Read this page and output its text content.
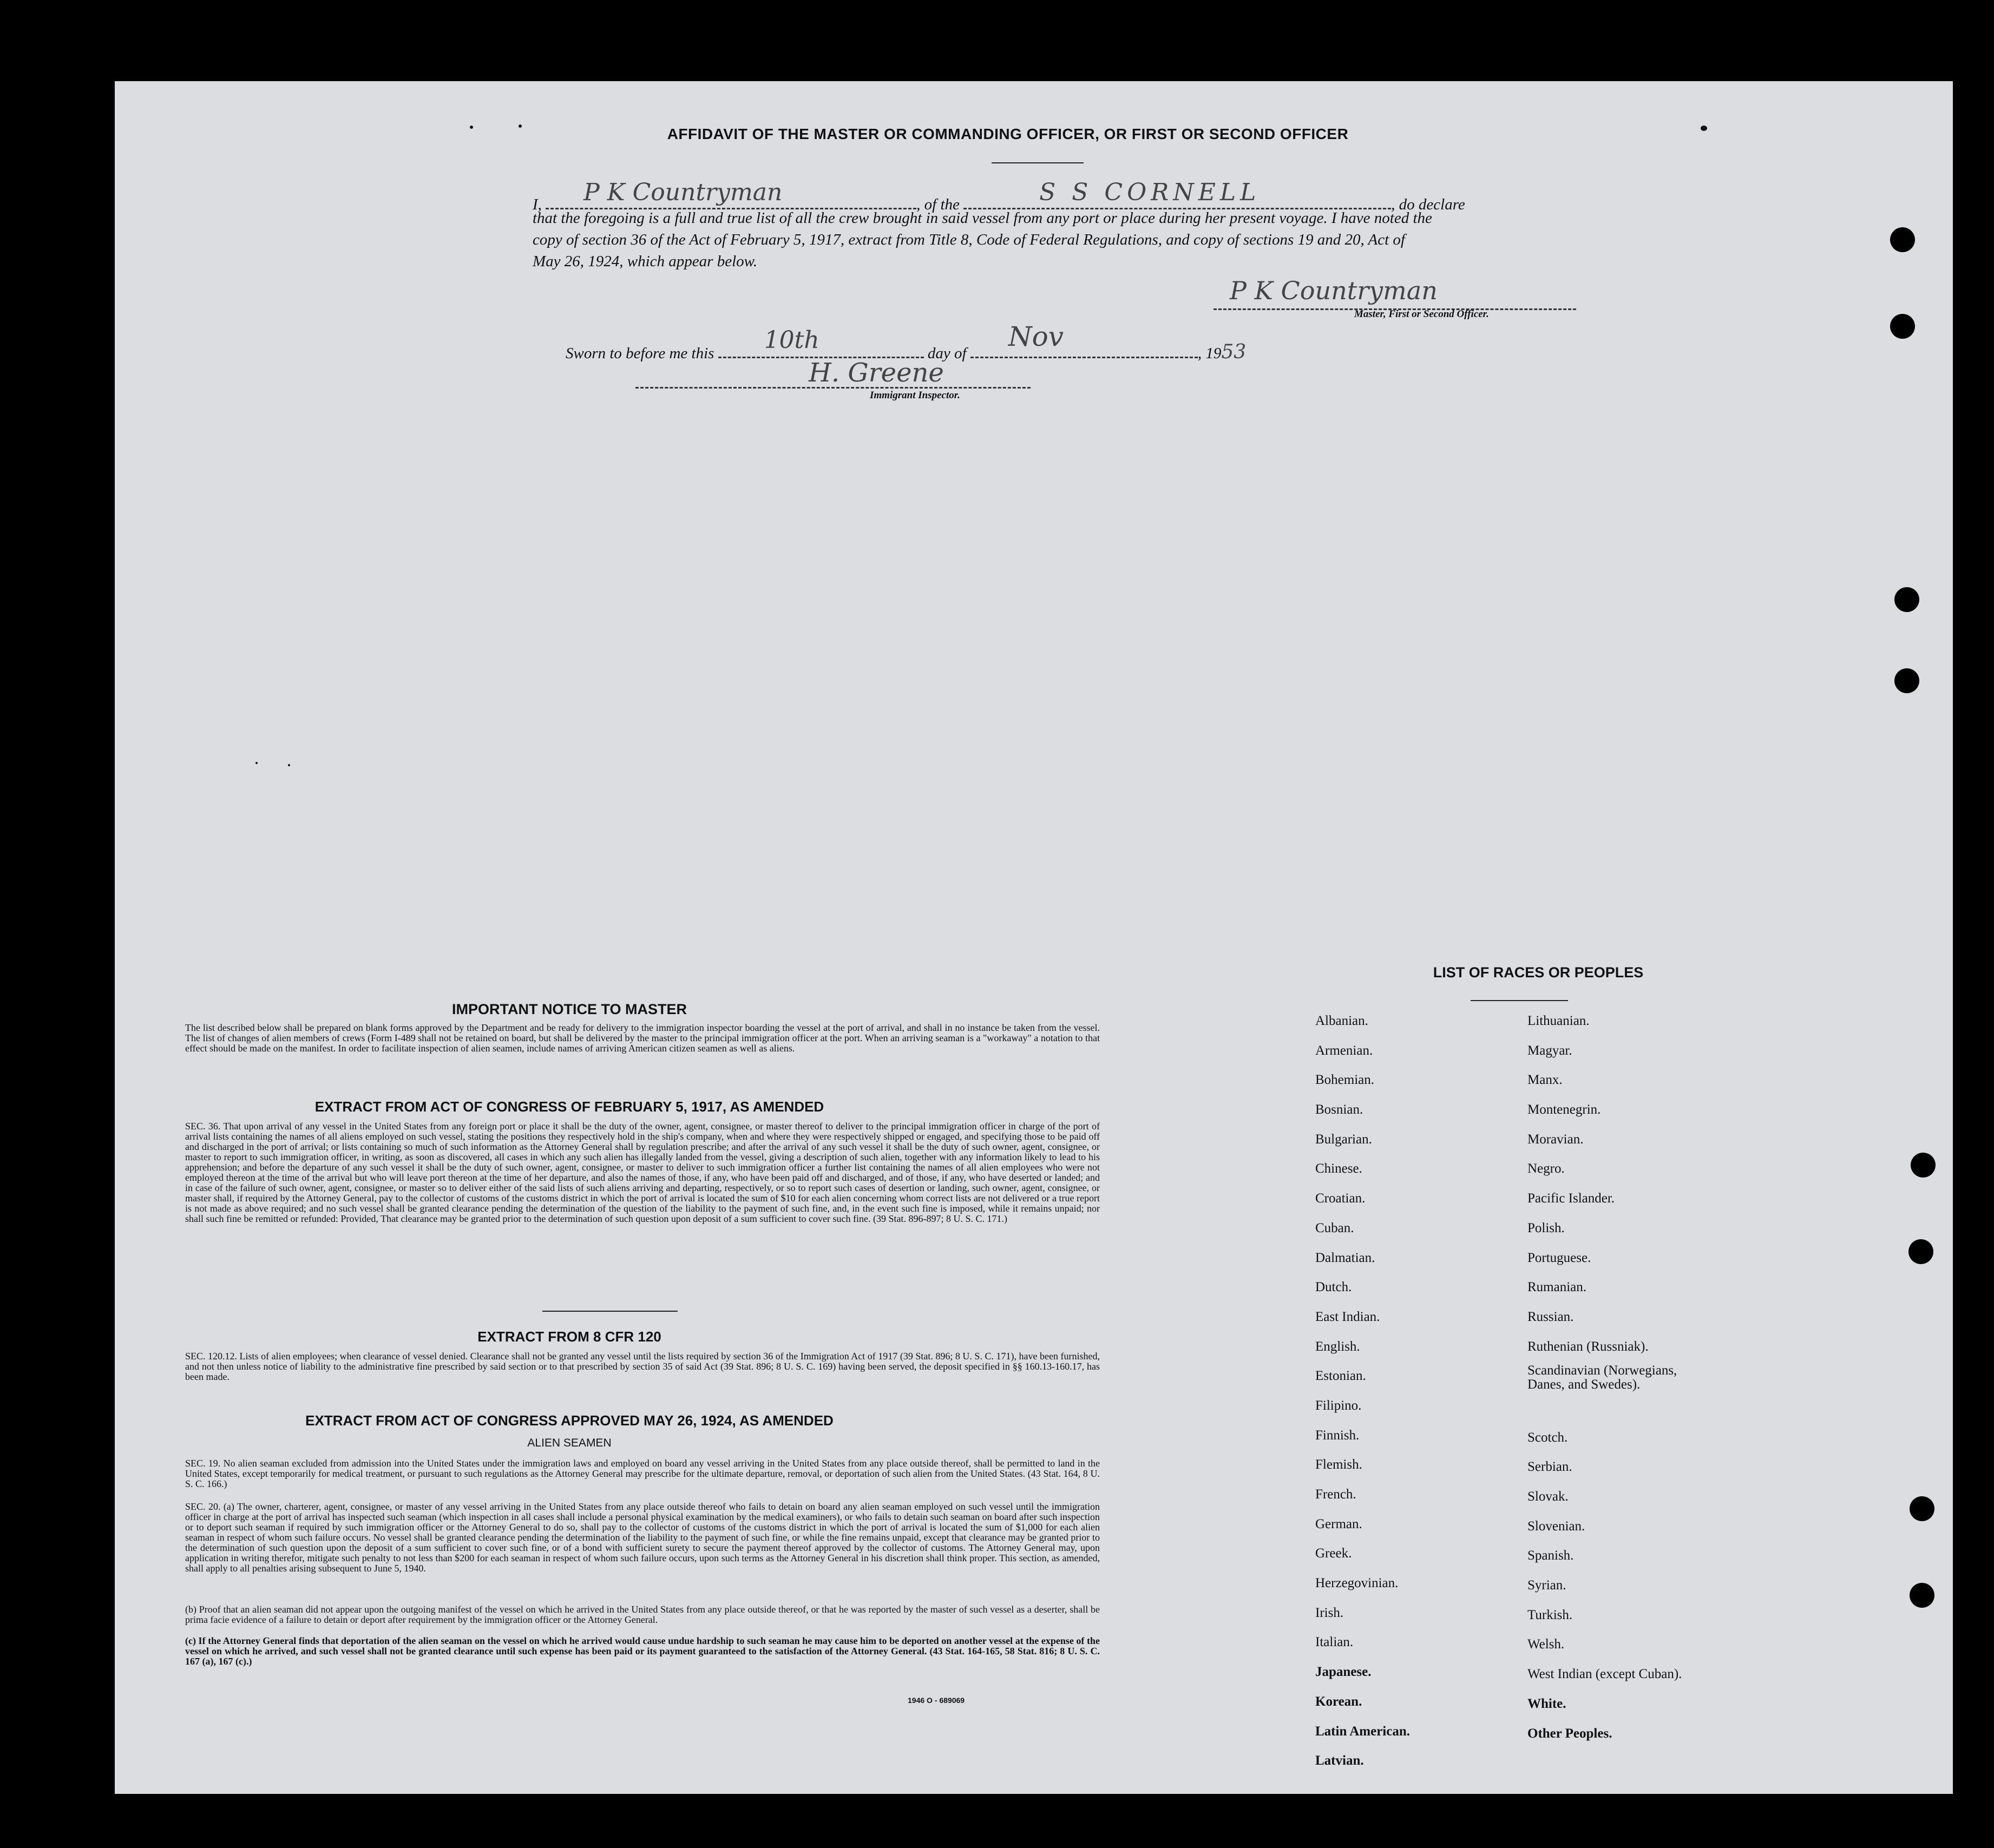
AFFIDAVIT OF THE MASTER OR COMMANDING OFFICER, OR FIRST OR SECOND OFFICER
I, P K Countryman	, of the	S S CORNELL	, do declare
that the foregoing is a full and true list of all the crew brought in said vessel from any port or place during her present voyage. I have noted the
copy of section 36 of the Act of February 5, 1917, extract from Title 8, Code of Federal Regulations, and copy of sections 19 and 20, Act of
May 26, 1924, which appear below.
P K Countryman
Master, First or Second Officer.
Sworn to before me this 10th	day of
Nov
, 1953
H. Greene
Immigrant Inspector.
IMPORTANT NOTICE TO MASTER
The list described below shall be prepared on blank forms approved by the Department and be ready for delivery to the immigration inspector boarding the vessel at the port of arrival, and shall in no instance be taken from the vessel. The list of changes of alien members of crews (Form I-489 shall not be retained on board, but shall be delivered by the master to the principal immigration officer at the port. When an arriving seaman is a "workaway" a notation to that effect should be made on the manifest. In order to facilitate inspection of alien seamen, include names of arriving American citizen seamen as well as aliens.
EXTRACT FROM ACT OF CONGRESS OF FEBRUARY 5, 1917, AS AMENDED
SEC. 36. That upon arrival of any vessel in the United States from any foreign port or place it shall be the duty of the owner, agent, consignee, or master thereof to deliver to the principal immigration officer in charge of the port of arrival lists containing the names of all aliens employed on such vessel, stating the positions they respectively hold in the ship's company, when and where they were respectively shipped or engaged, and specifying those to be paid off and discharged in the port of arrival; or lists containing so much of such information as the Attorney General shall by regulation prescribe; and after the arrival of any such vessel it shall be the duty of such owner, agent, consignee, or master to report to such immigration officer, in writing, as soon as discovered, all cases in which any such alien has illegally landed from the vessel, giving a description of such alien, together with any information likely to lead to his apprehension; and before the departure of any such vessel it shall be the duty of such owner, agent, consignee, or master to deliver to such immigration officer a further list containing the names of all alien employees who were not employed thereon at the time of the arrival but who will leave port thereon at the time of her departure, and also the names of those, if any, who have been paid off and discharged, and of those, if any, who have deserted or landed; and in case of the failure of such owner, agent, consignee, or master so to deliver either of the said lists of such aliens arriving and departing, respectively, or so to report such cases of desertion or landing, such owner, agent, consignee, or master shall, if required by the Attorney General, pay to the collector of customs of the customs district in which the port of arrival is located the sum of $10 for each alien concerning whom correct lists are not delivered or a true report is not made as above required; and no such vessel shall be granted clearance pending the determination of the question of the liability to the payment of such fine, and, in the event such fine is imposed, while it remains unpaid; nor shall such fine be remitted or refunded: Provided, That clearance may be granted prior to the determination of such question upon deposit of a sum sufficient to cover such fine. (39 Stat. 896-897; 8 U. S. C. 171.)
EXTRACT FROM 8 CFR 120
SEC. 120.12. Lists of alien employees; when clearance of vessel denied. Clearance shall not be granted any vessel until the lists required by section 36 of the Immigration Act of 1917 (39 Stat. 896; 8 U. S. C. 171), have been furnished, and not then unless notice of liability to the administrative fine prescribed by said section or to that prescribed by section 35 of said Act (39 Stat. 896; 8 U. S. C. 169) having been served, the deposit specified in §§ 160.13-160.17, has been made.
EXTRACT FROM ACT OF CONGRESS APPROVED MAY 26, 1924, AS AMENDED
ALIEN SEAMEN
SEC. 19. No alien seaman excluded from admission into the United States under the immigration laws and employed on board any vessel arriving in the United States from any place outside thereof, shall be permitted to land in the United States, except temporarily for medical treatment, or pursuant to such regulations as the Attorney General may prescribe for the ultimate departure, removal, or deportation of such alien from the United States. (43 Stat. 164, 8 U. S. C. 166.)
SEC. 20. (a) The owner, charterer, agent, consignee, or master of any vessel arriving in the United States from any place outside thereof who fails to detain on board any alien seaman employed on such vessel until the immigration officer in charge at the port of arrival has inspected such seaman (which inspection in all cases shall include a personal physical examination by the medical examiners), or who fails to detain such seaman on board after such inspection or to deport such seaman if required by such immigration officer or the Attorney General to do so, shall pay to the collector of customs of the customs district in which the port of arrival is located the sum of $1,000 for each alien seaman in respect of whom such failure occurs. No vessel shall be granted clearance pending the determination of the liability to the payment of such fine, or while the fine remains unpaid, except that clearance may be granted prior to the determination of such question upon the deposit of a sum sufficient to cover such fine, or of a bond with sufficient surety to secure the payment thereof approved by the collector of customs. The Attorney General may, upon application in writing therefor, mitigate such penalty to not less than $200 for each seaman in respect of whom such failure occurs, upon such terms as the Attorney General in his discretion shall think proper. This section, as amended, shall apply to all penalties arising subsequent to June 5, 1940.
(b) Proof that an alien seaman did not appear upon the outgoing manifest of the vessel on which he arrived in the United States from any place outside thereof, or that he was reported by the master of such vessel as a deserter, shall be prima facie evidence of a failure to detain or deport after requirement by the immigration officer or the Attorney General.
(c) If the Attorney General finds that deportation of the alien seaman on the vessel on which he arrived would cause undue hardship to such seaman he may cause him to be deported on another vessel at the expense of the vessel on which he arrived, and such vessel shall not be granted clearance until such expense has been paid or its payment guaranteed to the satisfaction of the Attorney General. (43 Stat. 164-165, 58 Stat. 816; 8 U. S. C. 167 (a), 167 (c).)
1946 O - 689069
LIST OF RACES OR PEOPLES
Albanian.
Armenian.
Bohemian.
Bosnian.
Bulgarian.
Chinese.
Croatian.
Cuban.
Dalmatian.
Dutch.
East Indian.
English.
Estonian.
Filipino.
Finnish.
Flemish.
French.
German.
Greek.
Herzegovinian.
Irish.
Italian.
Japanese.
Korean.
Latin American.
Latvian.
Lithuanian.
Magyar.
Manx.
Montenegrin.
Moravian.
Negro.
Pacific Islander.
Polish.
Portuguese.
Rumanian.
Russian.
Ruthenian (Russniak).
Scandinavian (Norwegians, Danes, and Swedes).
Scotch.
Serbian.
Slovak.
Slovenian.
Spanish.
Syrian.
Turkish.
Welsh.
West Indian (except Cuban).
White.
Other Peoples.
